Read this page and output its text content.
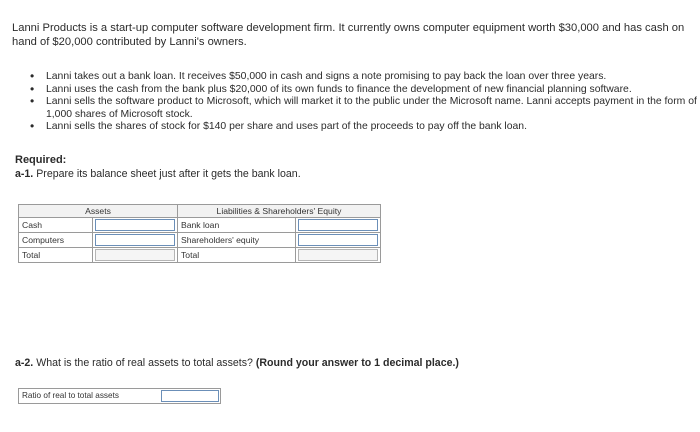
Lanni Products is a start-up computer software development firm. It currently owns computer equipment worth $30,000 and has cash on hand of $20,000 contributed by Lanni's owners.
• Lanni takes out a bank loan. It receives $50,000 in cash and signs a note promising to pay back the loan over three years.
• Lanni uses the cash from the bank plus $20,000 of its own funds to finance the development of new financial planning software.
• Lanni sells the software product to Microsoft, which will market it to the public under the Microsoft name. Lanni accepts payment in the form of 1,000 shares of Microsoft stock.
• Lanni sells the shares of stock for $140 per share and uses part of the proceeds to pay off the bank loan.
Required:
a-1. Prepare its balance sheet just after it gets the bank loan.
Assets		Liabilities & Shareholders' Equity	
Cash		Bank loan	

Computers		Shareholders' equity	

Total		Total	
a-2. What is the ratio of real assets to total assets? (Round your answer to 1 decimal place.)
Ratio of real to total assets
